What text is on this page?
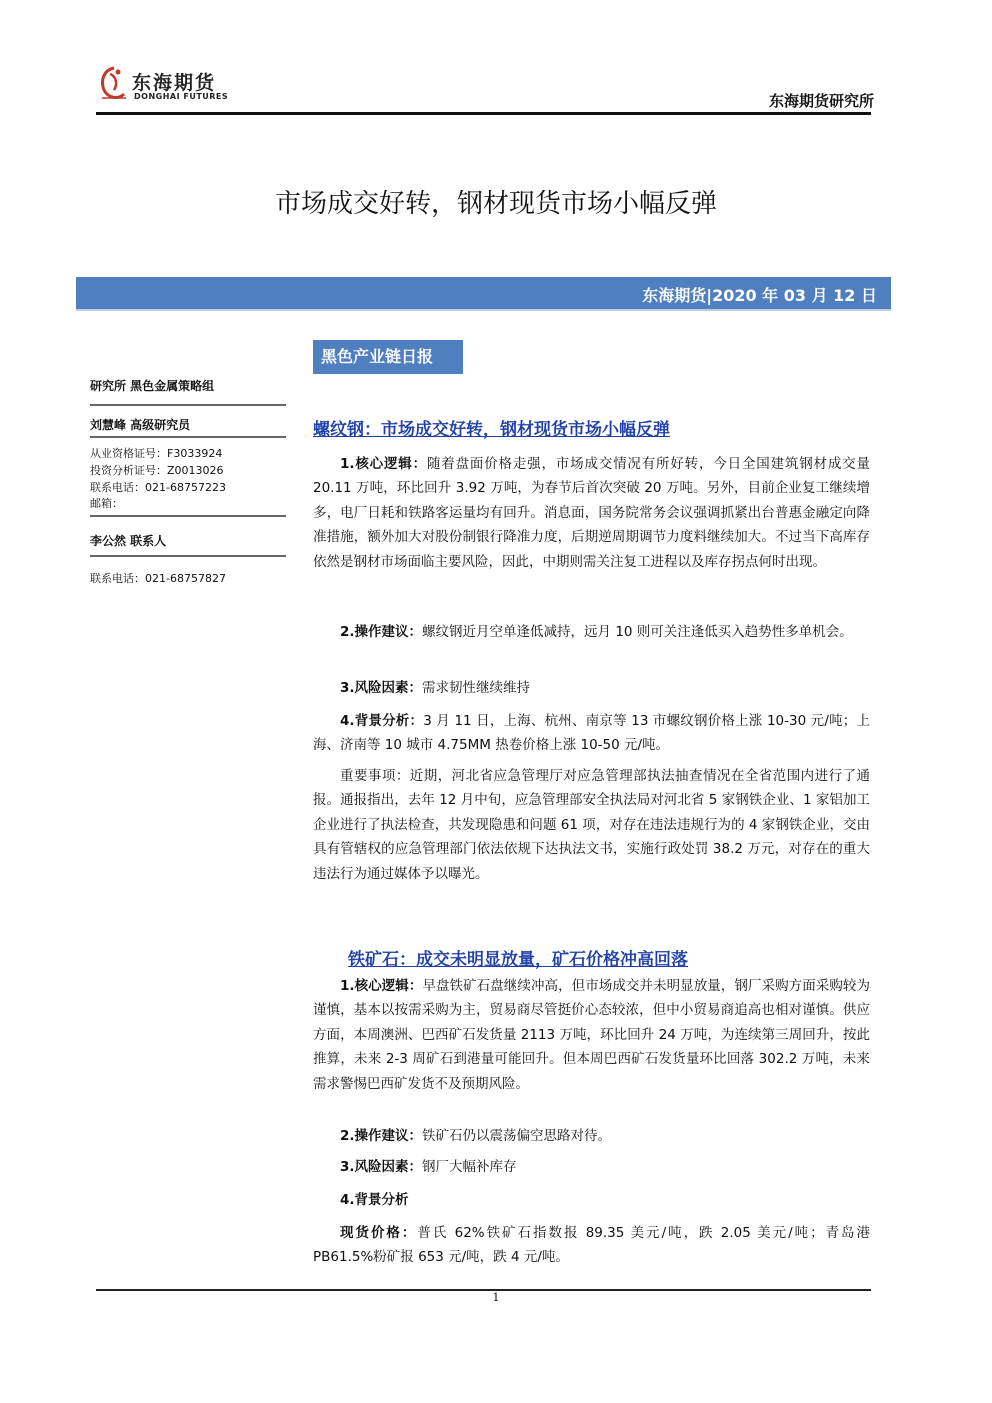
东海期货
DONGHAI FUTURES	东海期货研究所
市场成交好转，钢材现货市场小幅反弹
东海期货|2020 年 03 月 12 日
黑色产业链日报
研究所 黑色金属策略组
刘慧峰 高级研究员
从业资格证号：F3033924
投资分析证号：Z0013026
联系电话：021-68757223
邮箱：
李公然 联系人
联系电话：021-68757827
螺纹钢：市场成交好转，钢材现货市场小幅反弹

1.核心逻辑：随着盘面价格走强，市场成交情况有所好转，今日全国建筑钢材成交量 20.11 万吨，环比回升 3.92 万吨，为春节后首次突破 20 万吨。另外，目前企业复工继续增多，电厂日耗和铁路客运量均有回升。消息面，国务院常务会议强调抓紧出台普惠金融定向降准措施，额外加大对股份制银行降准力度，后期逆周期调节力度料继续加大。不过当下高库存依然是钢材市场面临主要风险，因此，中期则需关注复工进程以及库存拐点何时出现。

2.操作建议：螺纹钢近月空单逢低减持，远月 10 则可关注逢低买入趋势性多单机会。

3.风险因素：需求韧性继续维持

4.背景分析：3 月 11 日，上海、杭州、南京等 13 市螺纹钢价格上涨 10-30 元/吨；上海、济南等 10 城市 4.75MM 热卷价格上涨 10-50 元/吨。

重要事项：近期，河北省应急管理厅对应急管理部执法抽查情况在全省范围内进行了通报。通报指出，去年 12 月中旬，应急管理部安全执法局对河北省 5 家钢铁企业、1 家铝加工企业进行了执法检查，共发现隐患和问题 61 项，对存在违法违规行为的 4 家钢铁企业，交由具有管辖权的应急管理部门依法依规下达执法文书，实施行政处罚 38.2 万元，对存在的重大违法行为通过媒体予以曝光。

铁矿石：成交未明显放量，矿石价格冲高回落

1.核心逻辑：早盘铁矿石盘继续冲高，但市场成交并未明显放量，钢厂采购方面采购较为谨慎，基本以按需采购为主，贸易商尽管挺价心态较浓，但中小贸易商追高也相对谨慎。供应方面，本周澳洲、巴西矿石发货量 2113 万吨，环比回升 24 万吨，为连续第三周回升，按此推算，未来 2-3 周矿石到港量可能回升。但本周巴西矿石发货量环比回落 302.2 万吨，未来需求警惕巴西矿发货不及预期风险。

2.操作建议：铁矿石仍以震荡偏空思路对待。

3.风险因素：钢厂大幅补库存

4.背景分析

现货价格：普氏 62%铁矿石指数报 89.35 美元/吨，跌 2.05 美元/吨；青岛港 PB61.5%粉矿报 653 元/吨，跌 4 元/吨。

1
